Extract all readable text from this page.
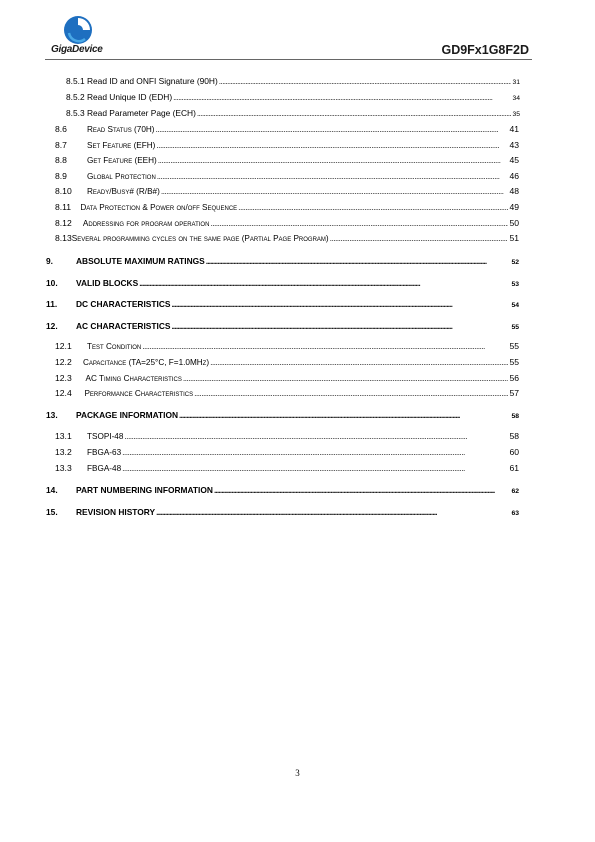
GigaDevice	GD9Fx1G8F2D
8.5.1 Read ID and ONFI Signature (90H) . . .	31
8.5.2 Read Unique ID (EDH) . . .	34
8.5.3 Read Parameter Page (ECH) . . .	35
8.6	Read Status (70H) . . .	41
8.7	Set Feature (EFH) . . .	43
8.8	Get Feature (EEH) . . .	45
8.9	Global Protection . . .	46
8.10	Ready/Busy# (R/B#) . . .	48
8.11	Data Protection & Power on/off Sequence . . .	49
8.12	Addressing for program operation . . .	50
8.13 Several programming cycles on the same page (Partial Page Program) . . .	51
9.	ABSOLUTE MAXIMUM RATINGS . . .	52
10.	VALID BLOCKS . . .	53
11.	DC CHARACTERISTICS . . .	54
12.	AC CHARACTERISTICS . . .	55
12.1	Test Condition . . .	55
12.2	Capacitance (TA=25°C, F=1.0MHz) . . .	55
12.3	AC Timing Characteristics . . .	56
12.4	Performance Characteristics . . .	57
13.	PACKAGE INFORMATION . . .	58
13.1	TSOPI-48 . . .	58
13.2	FBGA-63 . . .	60
13.3	FBGA-48 . . .	61
14.	PART NUMBERING INFORMATION . . .	62
15.	REVISION HISTORY . . .	63
3
